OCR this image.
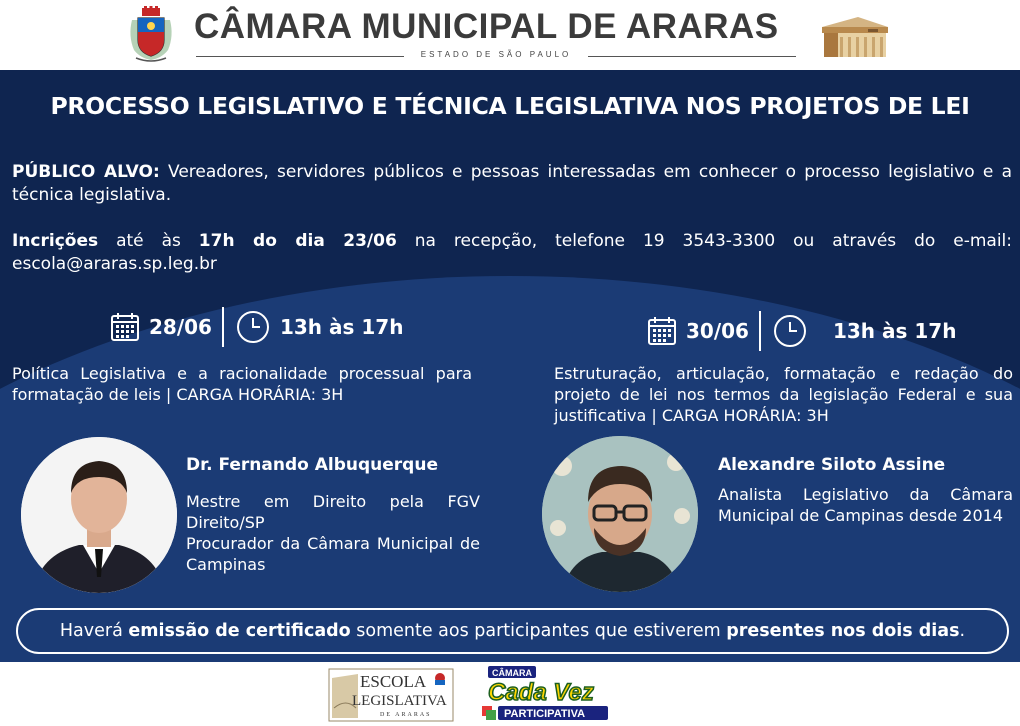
CÂMARA MUNICIPAL DE ARARAS
ESTADO DE SÃO PAULO
PROCESSO LEGISLATIVO E TÉCNICA LEGISLATIVA NOS PROJETOS DE LEI
PÚBLICO ALVO: Vereadores, servidores públicos e pessoas interessadas em conhecer o processo legislativo e a técnica legislativa.
Incrições até às 17h do dia 23/06 na recepção, telefone 19 3543-3300 ou através do e-mail: escola@araras.sp.leg.br
28/06	13h às 17h
Política Legislativa e a racionalidade processual para formatação de leis | CARGA HORÁRIA: 3H
30/06	13h às 17h
Estruturação, articulação, formatação e redação do projeto de lei nos termos da legislação Federal e sua justificativa | CARGA HORÁRIA: 3H
Dr. Fernando Albuquerque
Mestre em Direito pela FGV Direito/SP
Procurador da Câmara Municipal de Campinas
Alexandre Siloto Assine
Analista Legislativo da Câmara Municipal de Campinas desde 2014
Haverá emissão de certificado somente aos participantes que estiverem presentes nos dois dias.
ESCOLA
LEGISLATIVA
DE ARARAS
CÂMARA
Cada Vez
PARTICIPATIVA
